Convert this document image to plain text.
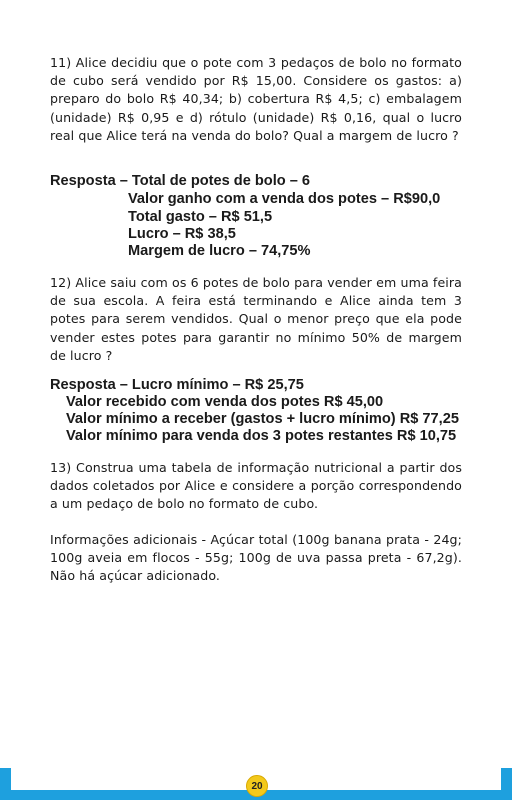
11) Alice decidiu que o pote com 3 pedaços de bolo no formato de cubo será vendido por R$ 15,00. Considere os gastos: a) preparo do bolo R$ 40,34; b) cobertura R$ 4,5; c) embalagem (unidade) R$ 0,95 e d) rótulo (unidade) R$ 0,16, qual o lucro real que Alice terá na venda do bolo? Qual a margem de lucro ?

Resposta – Total de potes de bolo – 6
Valor ganho com a venda dos potes – R$90,0
Total gasto – R$ 51,5
Lucro – R$ 38,5
Margem de lucro – 74,75%

12) Alice saiu com os 6 potes de bolo para vender em uma feira de sua escola. A feira está terminando e Alice ainda tem 3 potes para serem vendidos. Qual o menor preço que ela pode vender estes potes para garantir no mínimo 50% de margem de lucro ?

Resposta – Lucro mínimo – R$ 25,75
Valor recebido com venda dos potes R$ 45,00
Valor mínimo a receber (gastos + lucro mínimo) R$ 77,25
Valor mínimo para venda dos 3 potes restantes R$ 10,75

13) Construa uma tabela de informação nutricional a partir dos dados coletados por Alice e considere a porção correspondendo a um pedaço de bolo no formato de cubo.

Informações adicionais - Açúcar total (100g banana prata - 24g; 100g aveia em flocos - 55g; 100g de uva passa preta - 67,2g). Não há açúcar adicionado.

20
